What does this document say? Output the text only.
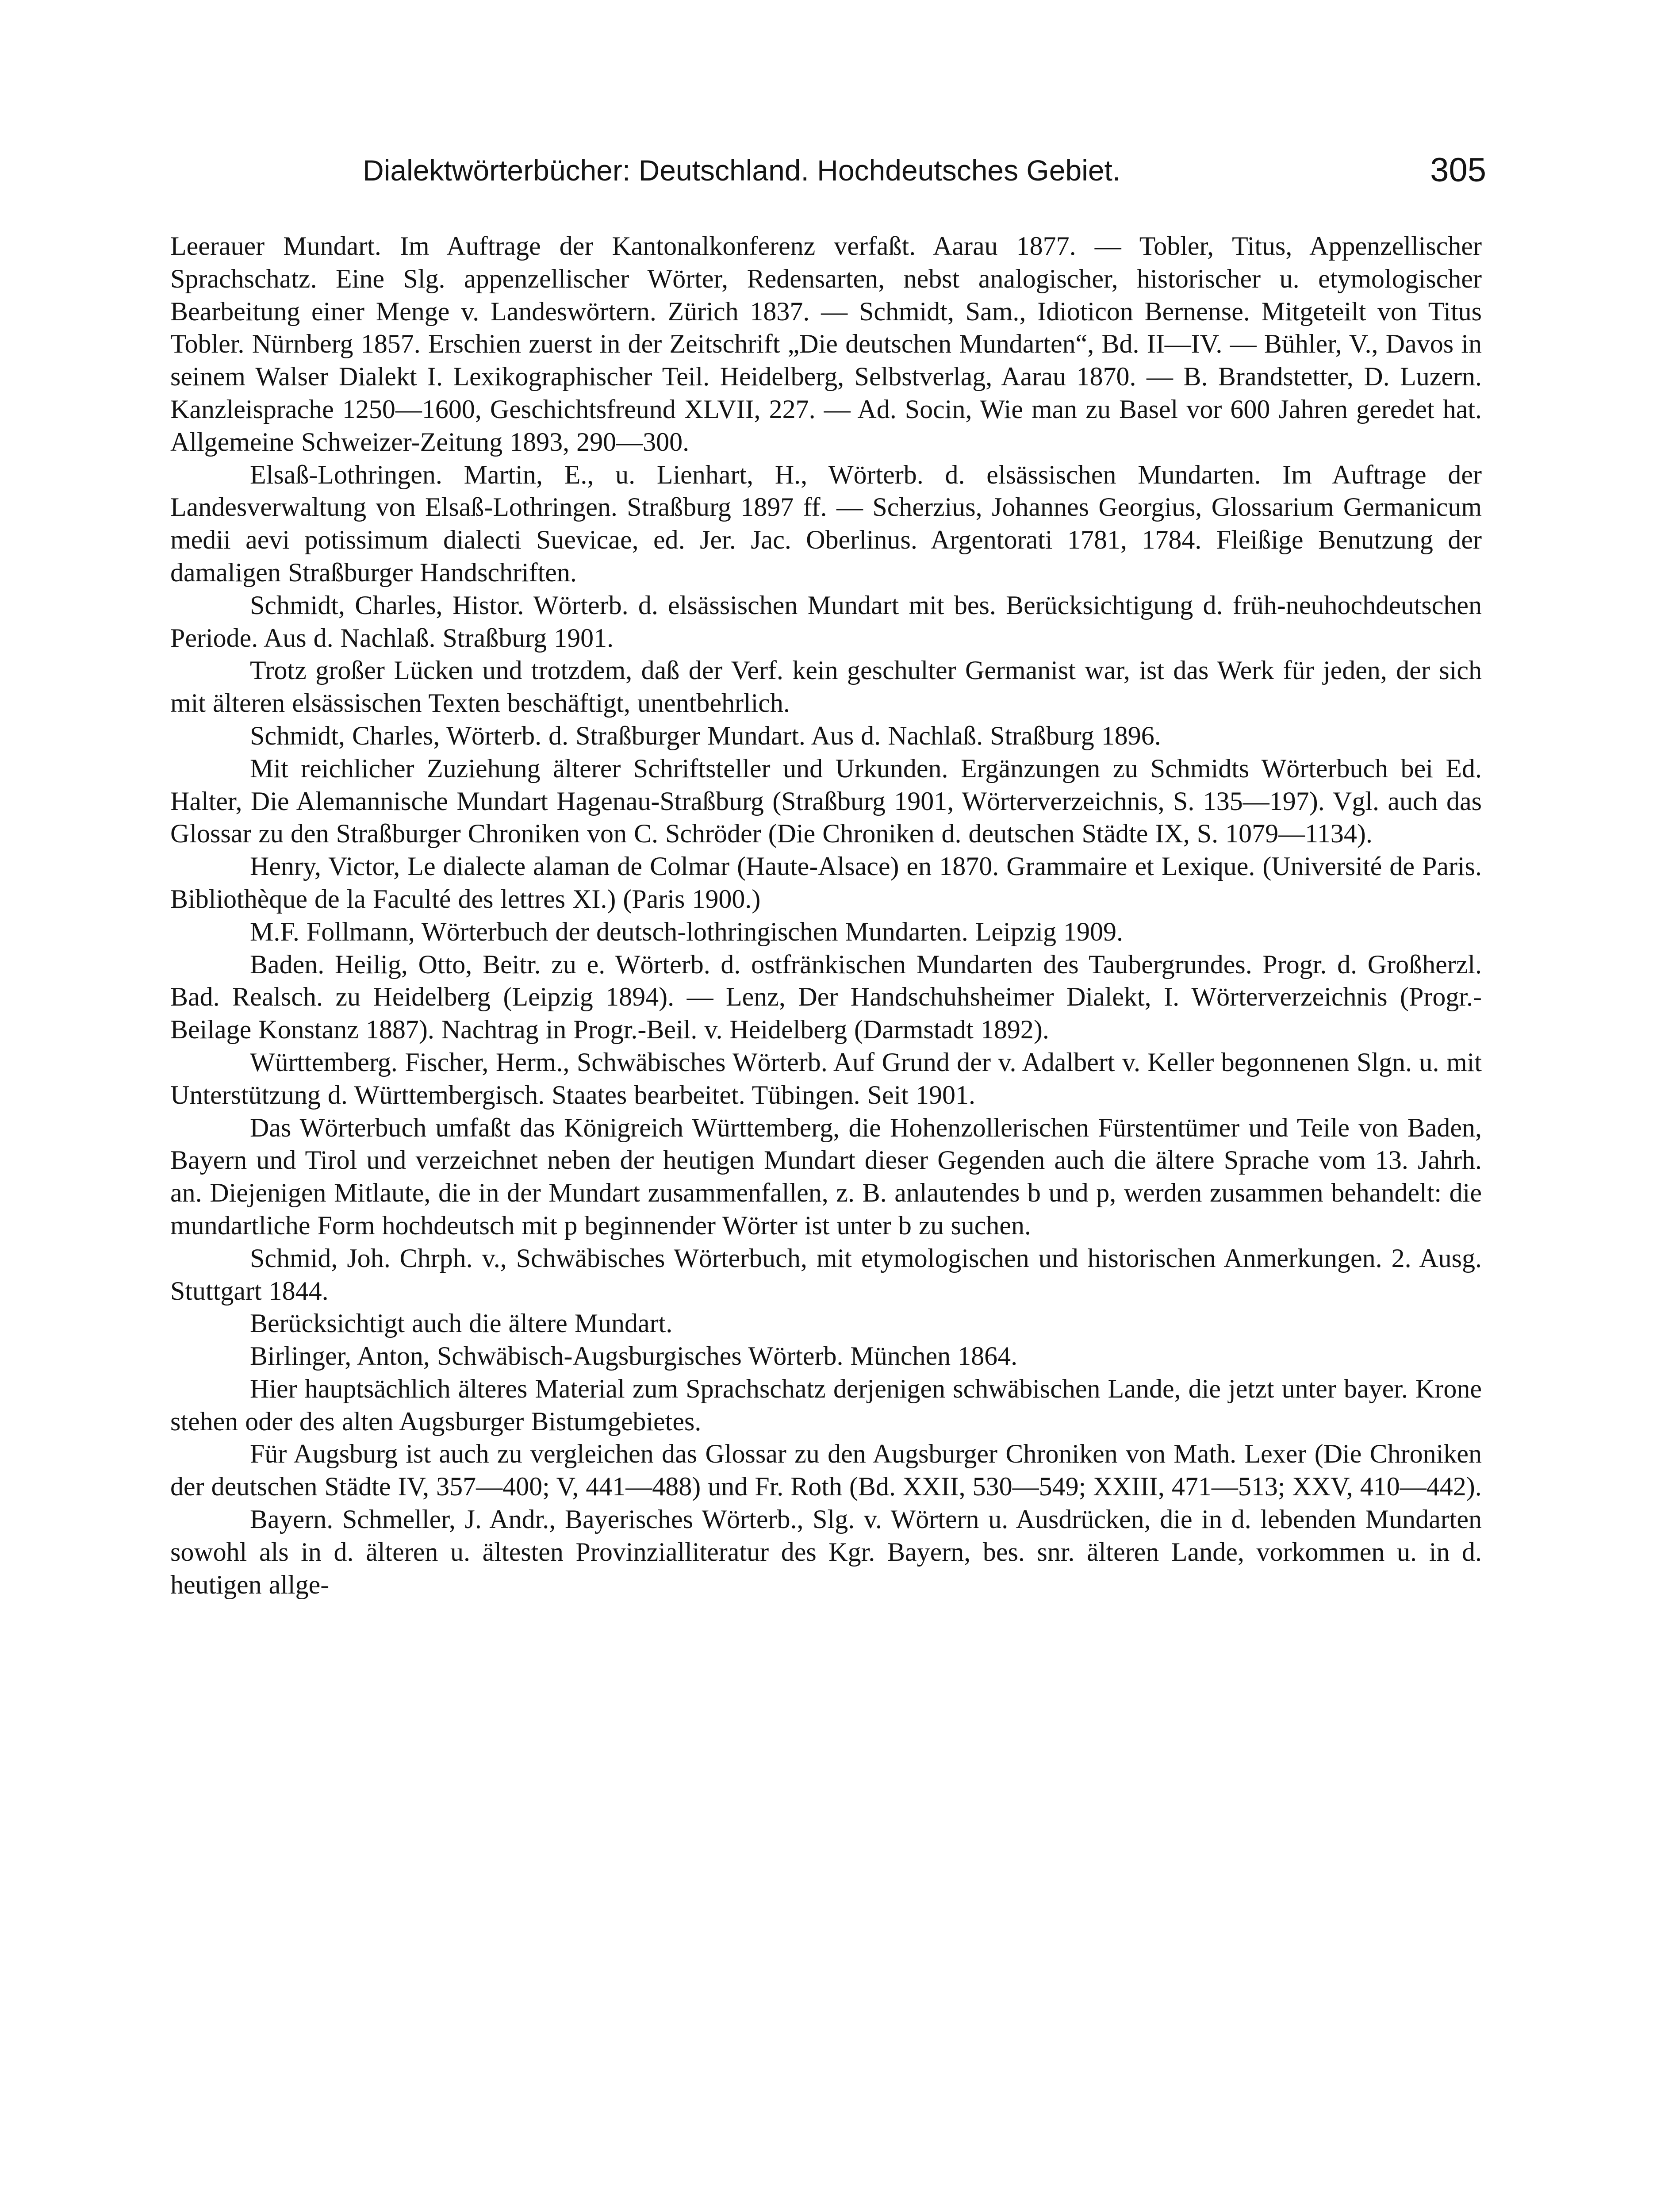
Dialektwörterbücher: Deutschland. Hochdeutsches Gebiet.	305

Leerauer Mundart. Im Auftrage der Kantonalkonferenz verfaßt. Aarau 1877. — Tobler, Titus, Appenzellischer Sprachschatz. Eine Slg. appenzellischer Wörter, Redensarten, nebst analogischer, historischer u. etymologischer Bearbeitung einer Menge v. Landeswörtern. Zürich 1837. — Schmidt, Sam., Idioticon Bernense. Mitgeteilt von Titus Tobler. Nürnberg 1857. Erschien zuerst in der Zeitschrift „Die deutschen Mundarten“, Bd. II—IV. — Bühler, V., Davos in seinem Walser Dialekt I. Lexikographischer Teil. Heidelberg, Selbstverlag, Aarau 1870. — B. Brandstetter, D. Luzern. Kanzleisprache 1250—1600, Geschichtsfreund XLVII, 227. — Ad. Socin, Wie man zu Basel vor 600 Jahren geredet hat. Allgemeine Schweizer-Zeitung 1893, 290—300.

Elsaß-Lothringen. Martin, E., u. Lienhart, H., Wörterb. d. elsässischen Mundarten. Im Auftrage der Landesverwaltung von Elsaß-Lothringen. Straßburg 1897 ff. — Scherzius, Johannes Georgius, Glossarium Germanicum medii aevi potissimum dialecti Suevicae, ed. Jer. Jac. Oberlinus. Argentorati 1781, 1784. Fleißige Benutzung der damaligen Straßburger Handschriften.

Schmidt, Charles, Histor. Wörterb. d. elsässischen Mundart mit bes. Berücksichtigung d. früh-neuhochdeutschen Periode. Aus d. Nachlaß. Straßburg 1901.

Trotz großer Lücken und trotzdem, daß der Verf. kein geschulter Germanist war, ist das Werk für jeden, der sich mit älteren elsässischen Texten beschäftigt, unentbehrlich.

Schmidt, Charles, Wörterb. d. Straßburger Mundart. Aus d. Nachlaß. Straßburg 1896.

Mit reichlicher Zuziehung älterer Schriftsteller und Urkunden. Ergänzungen zu Schmidts Wörterbuch bei Ed. Halter, Die Alemannische Mundart Hagenau-Straßburg (Straßburg 1901, Wörterverzeichnis, S. 135—197). Vgl. auch das Glossar zu den Straßburger Chroniken von C. Schröder (Die Chroniken d. deutschen Städte IX, S. 1079—1134).

Henry, Victor, Le dialecte alaman de Colmar (Haute-Alsace) en 1870. Grammaire et Lexique. (Université de Paris. Bibliothèque de la Faculté des lettres XI.) (Paris 1900.)

M.F. Follmann, Wörterbuch der deutsch-lothringischen Mundarten. Leipzig 1909.

Baden. Heilig, Otto, Beitr. zu e. Wörterb. d. ostfränkischen Mundarten des Taubergrundes. Progr. d. Großherzl. Bad. Realsch. zu Heidelberg (Leipzig 1894). — Lenz, Der Handschuhsheimer Dialekt, I. Wörterverzeichnis (Progr.-Beilage Konstanz 1887). Nachtrag in Progr.-Beil. v. Heidelberg (Darmstadt 1892).

Württemberg. Fischer, Herm., Schwäbisches Wörterb. Auf Grund der v. Adalbert v. Keller begonnenen Slgn. u. mit Unterstützung d. Württembergisch. Staates bearbeitet. Tübingen. Seit 1901.

Das Wörterbuch umfaßt das Königreich Württemberg, die Hohenzollerischen Fürstentümer und Teile von Baden, Bayern und Tirol und verzeichnet neben der heutigen Mundart dieser Gegenden auch die ältere Sprache vom 13. Jahrh. an. Diejenigen Mitlaute, die in der Mundart zusammenfallen, z. B. anlautendes b und p, werden zusammen behandelt: die mundartliche Form hochdeutsch mit p beginnender Wörter ist unter b zu suchen.

Schmid, Joh. Chrph. v., Schwäbisches Wörterbuch, mit etymologischen und historischen Anmerkungen. 2. Ausg. Stuttgart 1844.

Berücksichtigt auch die ältere Mundart.

Birlinger, Anton, Schwäbisch-Augsburgisches Wörterb. München 1864.

Hier hauptsächlich älteres Material zum Sprachschatz derjenigen schwäbischen Lande, die jetzt unter bayer. Krone stehen oder des alten Augsburger Bistumgebietes.

Für Augsburg ist auch zu vergleichen das Glossar zu den Augsburger Chroniken von Math. Lexer (Die Chroniken der deutschen Städte IV, 357—400; V, 441—488) und Fr. Roth (Bd. XXII, 530—549; XXIII, 471—513; XXV, 410—442).

Bayern. Schmeller, J. Andr., Bayerisches Wörterb., Slg. v. Wörtern u. Ausdrücken, die in d. lebenden Mundarten sowohl als in d. älteren u. ältesten Provinzialliteratur des Kgr. Bayern, bes. snr. älteren Lande, vorkommen u. in d. heutigen allge-
